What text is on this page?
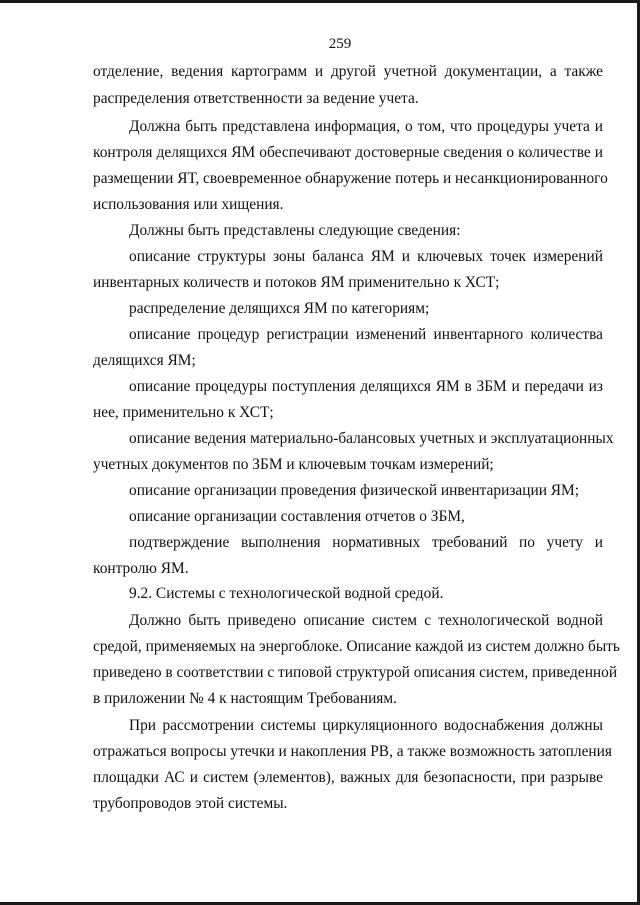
259
отделение, ведения картограмм и другой учетной документации, а также
распределения ответственности за ведение учета.
Должна быть представлена информация, о том, что процедуры учета и
контроля делящихся ЯМ обеспечивают достоверные сведения о количестве и
размещении ЯТ, своевременное обнаружение потерь и несанкционированного
использования или хищения.
Должны быть представлены следующие сведения:
описание структуры зоны баланса ЯМ и ключевых точек измерений
инвентарных количеств и потоков ЯМ применительно к ХСТ;
распределение делящихся ЯМ по категориям;
описание процедур регистрации изменений инвентарного количества
делящихся ЯМ;
описание процедуры поступления делящихся ЯМ в ЗБМ и передачи из
нее, применительно к ХСТ;
описание ведения материально-балансовых учетных и эксплуатационных
учетных документов по ЗБМ и ключевым точкам измерений;
описание организации проведения физической инвентаризации ЯМ;
описание организации составления отчетов о ЗБМ,
подтверждение выполнения нормативных требований по учету и
контролю ЯМ.
9.2. Системы с технологической водной средой.
Должно быть приведено описание систем с технологической водной
средой, применяемых на энергоблоке. Описание каждой из систем должно быть
приведено в соответствии с типовой структурой описания систем, приведенной
в приложении № 4 к настоящим Требованиям.
При рассмотрении системы циркуляционного водоснабжения должны
отражаться вопросы утечки и накопления РВ, а также возможность затопления
площадки АС и систем (элементов), важных для безопасности, при разрыве
трубопроводов этой системы.
